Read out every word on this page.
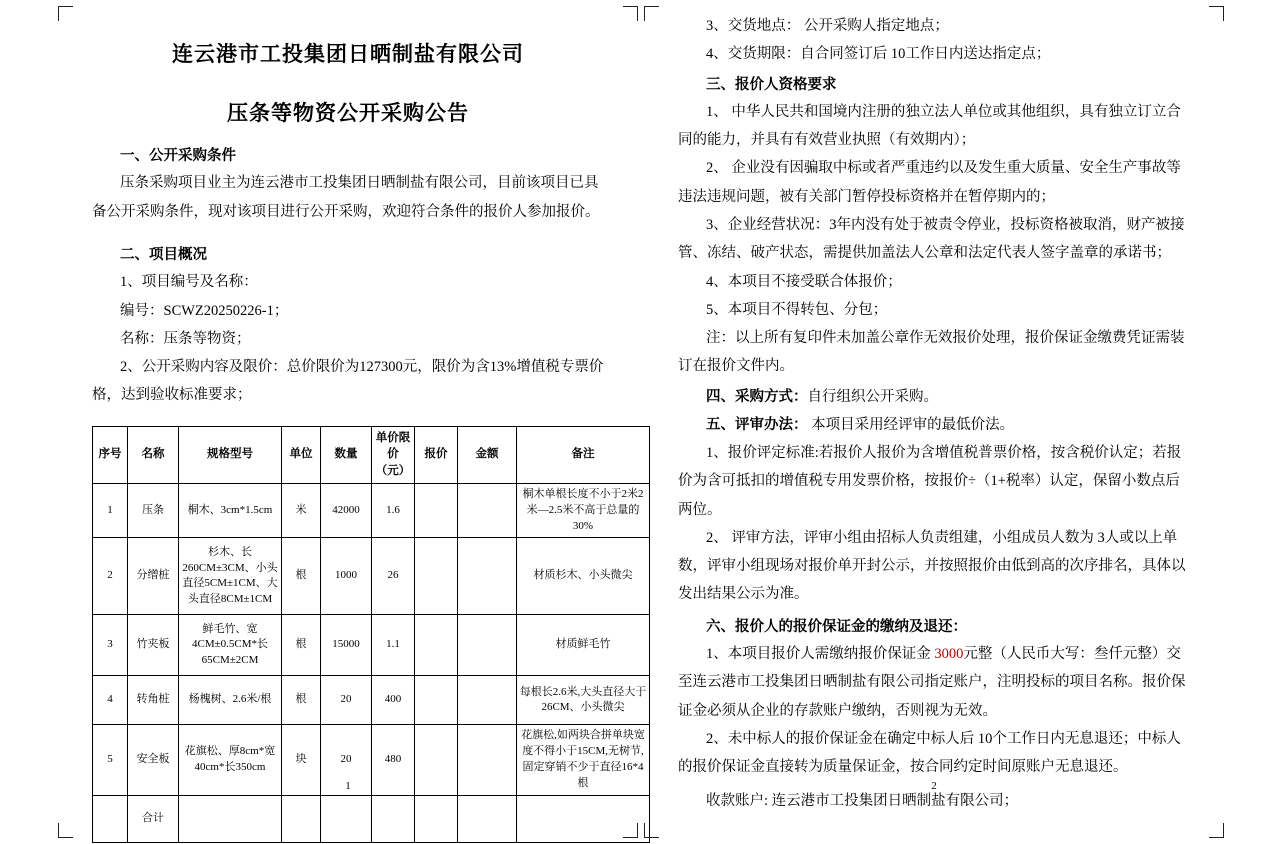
连云港市工投集团日晒制盐有限公司
压条等物资公开采购公告
一、公开采购条件

压条采购项目业主为连云港市工投集团日晒制盐有限公司，目前该项目已具

备公开采购条件，现对该项目进行公开采购，欢迎符合条件的报价人参加报价。

二、项目概况

1、项目编号及名称：

编号：SCWZ20250226-1；

名称：压条等物资；

2、公开采购内容及限价：总价限价为127300元，限价为含13%增值税专票价

格，达到验收标准要求；

序号	名称	规格型号	单位	数量	单价限价（元）	报价	金额	备注
1	压条	桐木、3cm*1.5cm	米	42000	1.6			桐木单根长度不小于2米2米—2.5米不高于总量的30%
2	分缯桩	杉木、长260CM±3CM、小头直径5CM±1CM、大头直径8CM±1CM	根	1000	26			材质杉木、小头微尖
3	竹夹板	鲜毛竹、宽4CM±0.5CM*长65CM±2CM	根	15000	1.1			材质鲜毛竹
4	转角桩	杨槐树、2.6米/根	根	20	400			每根长2.6米,大头直径大于26CM、小头微尖
5	安全板	花旗松、厚8cm*宽40cm*长350cm	块	20	480			花旗松,如两块合拼单块宽度不得小于15CM,无树节,固定穿销不少于直径16*4根
	合计							
1

3、交货地点： 公开采购人指定地点；

4、交货期限：自合同签订后 10工作日内送达指定点；

三、报价人资格要求

1、 中华人民共和国境内注册的独立法人单位或其他组织，具有独立订立合

同的能力，并具有有效营业执照（有效期内）；

2、 企业没有因骗取中标或者严重违约以及发生重大质量、安全生产事故等

违法违规问题，被有关部门暂停投标资格并在暂停期内的；

3、企业经营状况：3年内没有处于被责令停业，投标资格被取消，财产被接

管、冻结、破产状态，需提供加盖法人公章和法定代表人签字盖章的承诺书；

4、本项目不接受联合体报价；

5、本项目不得转包、分包；

注：以上所有复印件未加盖公章作无效报价处理，报价保证金缴费凭证需装

订在报价文件内。

四、采购方式：自行组织公开采购。

五、评审办法： 本项目采用经评审的最低价法。

1、报价评定标准:若报价人报价为含增值税普票价格，按含税价认定；若报

价为含可抵扣的增值税专用发票价格，按报价÷（1+税率）认定，保留小数点后

两位。

2、 评审方法，评审小组由招标人负责组建，小组成员人数为 3人或以上单

数，评审小组现场对报价单开封公示，并按照报价由低到高的次序排名，具体以

发出结果公示为准。

六、报价人的报价保证金的缴纳及退还：

1、本项目报价人需缴纳报价保证金 3000元整（人民币大写：叁仟元整）交

至连云港市工投集团日晒制盐有限公司指定账户，注明投标的项目名称。报价保

证金必须从企业的存款账户缴纳，否则视为无效。

2、未中标人的报价保证金在确定中标人后 10个工作日内无息退还；中标人

的报价保证金直接转为质量保证金，按合同约定时间原账户无息退还。

收款账户: 连云港市工投集团日晒制盐有限公司；

2
